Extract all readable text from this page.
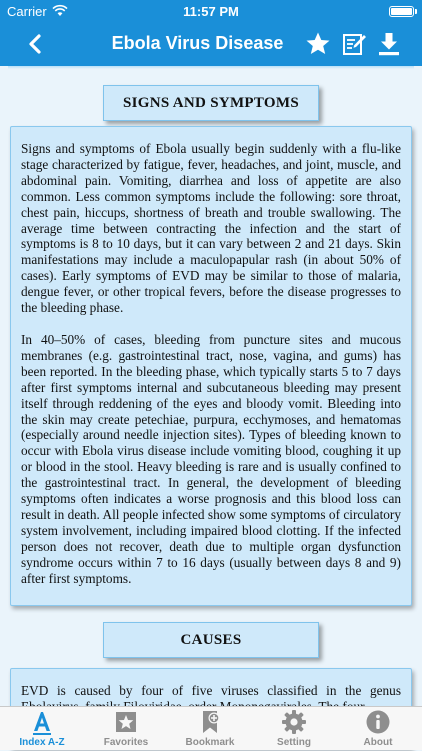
Carrier	11:57 PM
Ebola Virus Disease
SIGNS AND SYMPTOMS

Signs and symptoms of Ebola usually begin suddenly with a flu-like stage characterized by fatigue, fever, headaches, and joint, muscle, and abdominal pain. Vomiting, diarrhea and loss of appetite are also common. Less common symptoms include the following: sore throat, chest pain, hiccups, shortness of breath and trouble swallowing. The average time between contracting the infection and the start of symptoms is 8 to 10 days, but it can vary between 2 and 21 days. Skin manifestations may include a maculopapular rash (in about 50% of cases). Early symptoms of EVD may be similar to those of malaria, dengue fever, or other tropical fevers, before the disease progresses to the bleeding phase.

In 40–50% of cases, bleeding from puncture sites and mucous membranes (e.g. gastrointestinal tract, nose, vagina, and gums) has been reported. In the bleeding phase, which typically starts 5 to 7 days after first symptoms internal and subcutaneous bleeding may present itself through reddening of the eyes and bloody vomit. Bleeding into the skin may create petechiae, purpura, ecchymoses, and hematomas (especially around needle injection sites). Types of bleeding known to occur with Ebola virus disease include vomiting blood, coughing it up or blood in the stool. Heavy bleeding is rare and is usually confined to the gastrointestinal tract. In general, the development of bleeding symptoms often indicates a worse prognosis and this blood loss can result in death. All people infected show some symptoms of circulatory system involvement, including impaired blood clotting. If the infected person does not recover, death due to multiple organ dysfunction syndrome occurs within 7 to 16 days (usually between days 8 and 9) after first symptoms.

CAUSES

EVD is caused by four of five viruses classified in the genus

Index A-Z	Favorites	Bookmark	Setting	About
